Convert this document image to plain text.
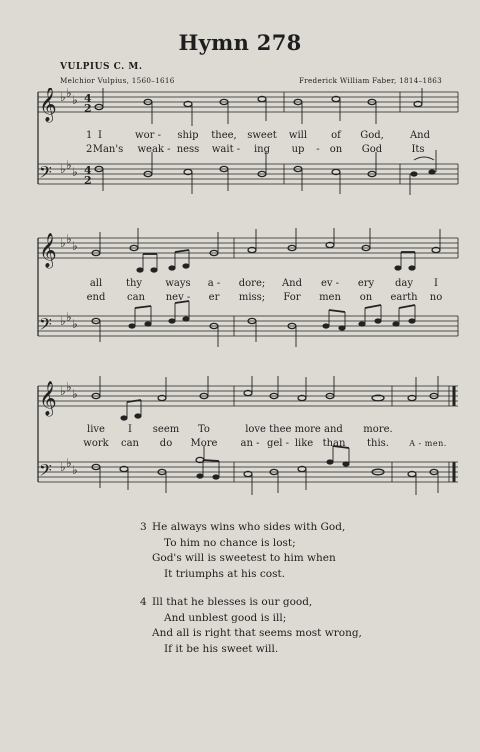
Hymn 278
VULPIUS C. M.
Melchior Vulpius, 1560–1616	Frederick William Faber, 1814–1863
𝄞
𝄢
♭ ♭ ♭
♭ ♭ ♭
4
2
4
2
1
2
I	wor - ship thee, sweet will of God,	And
Man's weak - ness wait - ing up - on God	Its
𝄞
𝄢
♭ ♭ ♭
♭ ♭ ♭
all thy ways a - dore; And ev - ery day I
end can nev - er miss; For men on earth no
𝄞
𝄢
♭ ♭ ♭
♭ ♭ ♭
live I seem To	love thee more and more.
work can do More an - gel - like than this.	A - men.
3 He always wins who sides with God,
To him no chance is lost;
God's will is sweetest to him when
It triumphs at his cost.
4 Ill that he blesses is our good,
And unblest good is ill;
And all is right that seems most wrong,
If it be his sweet will.
